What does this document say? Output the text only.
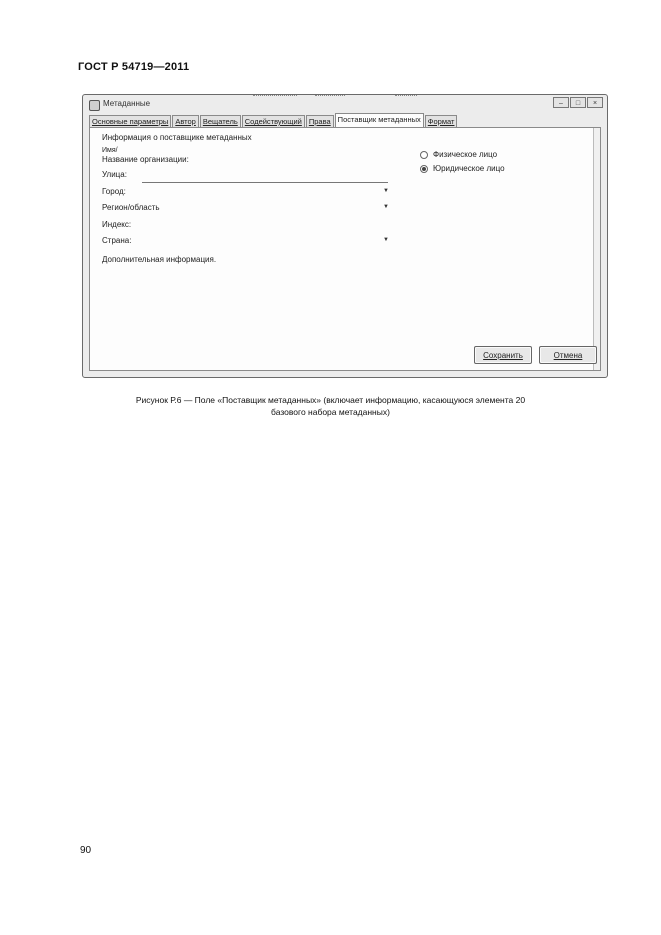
ГОСТ Р 54719—2011
Метаданные	–	□	×
Основные параметры Автор Вещатель Содействующий Права Поставщик метаданных Формат
Информация о поставщике метаданных
Имя/
Название организации:
Улица:
Город:	▼
Регион/область	▼
Индекс:
Страна:	▼
Дополнительная информация.
Физическое лицо
Юридическое лицо
Сохранить	Отмена
Рисунок Р.6 — Поле «Поставщик метаданных» (включает информацию, касающуюся элемента 20
базового набора метаданных)
90
